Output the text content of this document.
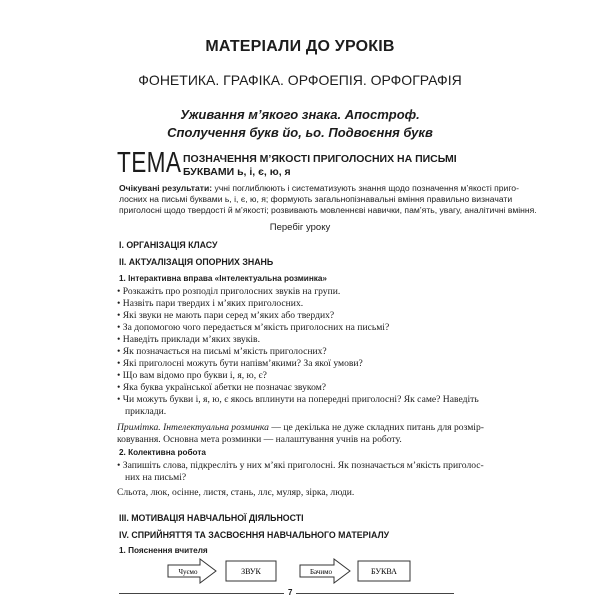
МАТЕРІАЛИ ДО УРОКІВ
ФОНЕТИКА. ГРАФІКА. ОРФОЕПІЯ. ОРФОГРАФІЯ
Уживання м’якого знака. Апостроф.
Сполучення букв йо, ьо. Подвоєння букв
ТЕМА ПОЗНАЧЕННЯ М’ЯКОСТІ ПРИГОЛОСНИХ НА ПИСЬМІ
БУКВАМИ ь, і, є, ю, я
Очікувані результати: учні поглиблюють і систематизують знання щодо позначення м’якості приго-
лосних на письмі буквами ь, і, є, ю, я; формують загальнопізнавальні вміння правильно визначати
приголосні щодо твердості й м’якості; розвивають мовленнєві навички, пам’ять, увагу, аналітичні вміння.
Перебіг уроку
I. ОРГАНІЗАЦІЯ КЛАСУ
II. АКТУАЛІЗАЦІЯ ОПОРНИХ ЗНАНЬ
1. Інтерактивна вправа «Інтелектуальна розминка»
• Розкажіть про розподіл приголосних звуків на групи.
• Назвіть пари твердих і м’яких приголосних.
• Які звуки не мають пари серед м’яких або твердих?
• За допомогою чого передається м’якість приголосних на письмі?
• Наведіть приклади м’яких звуків.
• Як позначається на письмі м’якість приголосних?
• Які приголосні можуть бути напівм’якими? За якої умови?
• Що вам відомо про букви і, я, ю, є?
• Яка буква української абетки не позначає звуком?
• Чи можуть букви і, я, ю, є якось вплинути на попередні приголосні? Як саме? Наведіть
приклади.
Примітка. Інтелектуальна розминка — це декілька не дуже складних питань для розмір-
ковування. Основна мета розминки — налаштування учнів на роботу.
2. Колективна робота
• Запишіть слова, підкресліть у них м’які приголосні. Як позначається м’якість приголос-
них на письмі?
Сльота, люк, осінне, листя, стань, ллє, муляр, зірка, люди.
III. МОТИВАЦІЯ НАВЧАЛЬНОЇ ДІЯЛЬНОСТІ
IV. СПРИЙНЯТТЯ ТА ЗАСВОЄННЯ НАВЧАЛЬНОГО МАТЕРІАЛУ
1. Пояснення вчителя
Чуємо	ЗВУК	Бачимо	БУКВА
7
